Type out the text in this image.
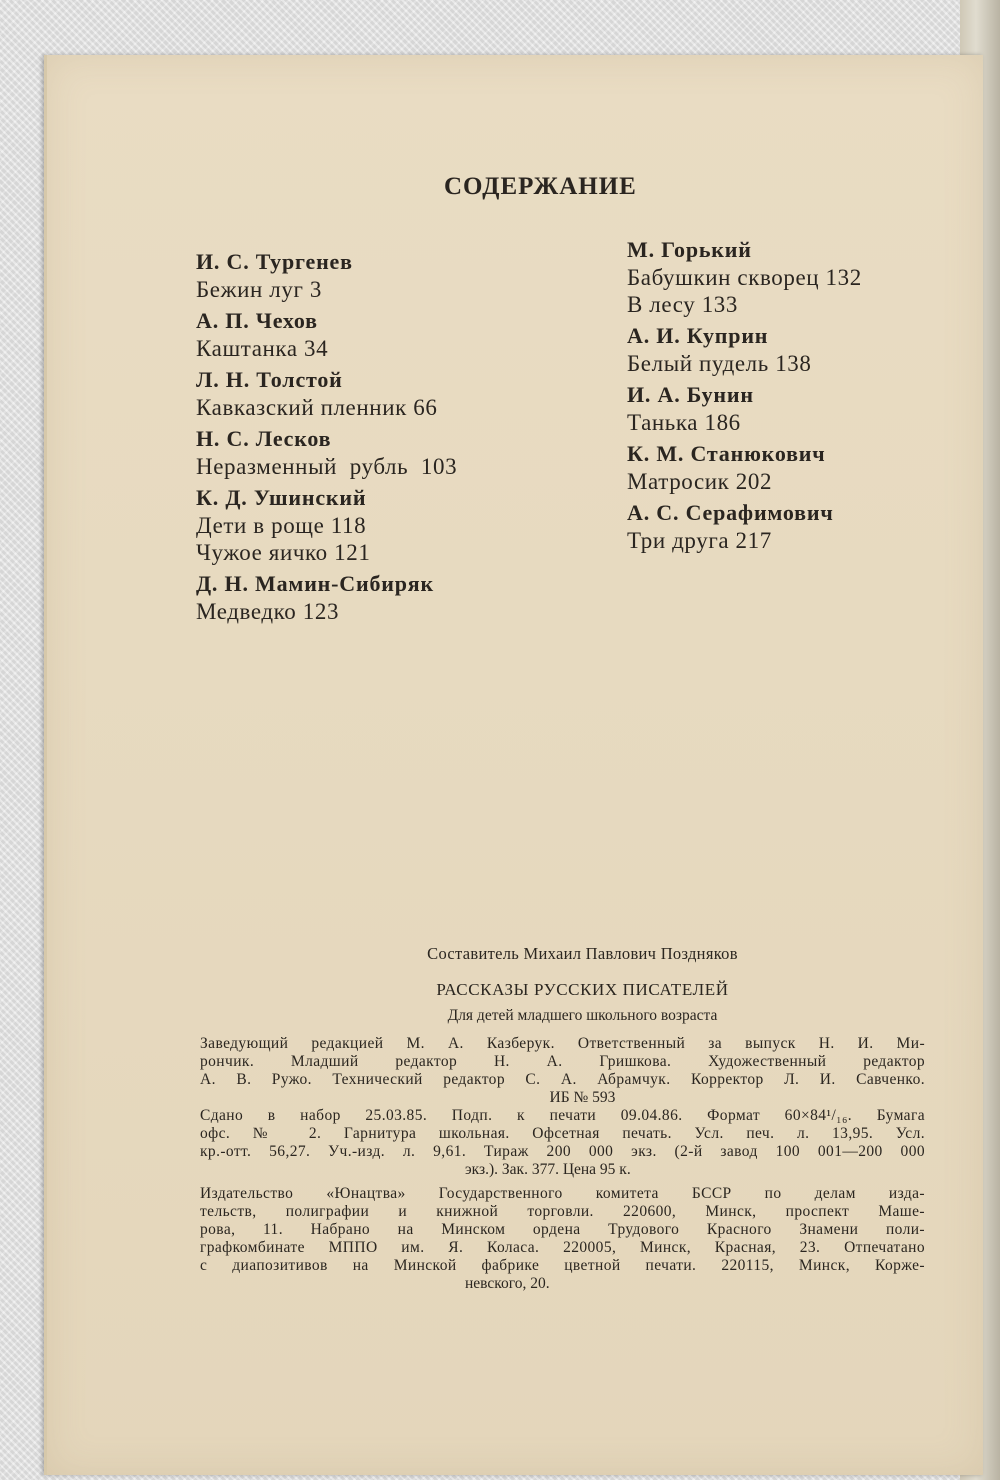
СОДЕРЖАНИЕ
И. С. Тургенев
Бежин луг 3
А. П. Чехов
Каштанка 34
Л. Н. Толстой
Кавказский пленник 66
Н. С. Лесков
Неразменный  рубль  103
К. Д. Ушинский
Дети в роще 118
Чужое яичко 121
Д. Н. Мамин-Сибиряк
Медведко 123
М. Горький
Бабушкин скворец 132
В лесу 133
А. И. Куприн
Белый пудель 138
И. А. Бунин
Танька 186
К. М. Станюкович
Матросик 202
А. С. Серафимович
Три друга 217
Составитель Михаил Павлович Поздняков
РАССКАЗЫ РУССКИХ ПИСАТЕЛЕЙ
Для детей младшего школьного возраста
Заведующий редакцией М. А. Казберук. Ответственный за выпуск Н. И. Ми-
рончик. Младший редактор Н. А. Гришкова. Художественный редактор
А. В. Ружо. Технический редактор С. А. Абрамчук. Корректор Л. И. Савченко.
ИБ № 593
Сдано в набор 25.03.85. Подп. к печати 09.04.86. Формат 60×84¹/₁₆. Бумага
офс. № 2. Гарнитура школьная. Офсетная печать. Усл. печ. л. 13,95. Усл.
кр.-отт. 56,27. Уч.-изд. л. 9,61. Тираж 200 000 экз. (2-й завод 100 001—200 000
экз.). Зак. 377. Цена 95 к.
Издательство «Юнацтва» Государственного комитета БССР по делам изда-
тельств, полиграфии и книжной торговли. 220600, Минск, проспект Маше-
рова, 11. Набрано на Минском ордена Трудового Красного Знамени поли-
графкомбинате МППО им. Я. Коласа. 220005, Минск, Красная, 23. Отпечатано
с диапозитивов на Минской фабрике цветной печати. 220115, Минск, Корже-
невского, 20.
